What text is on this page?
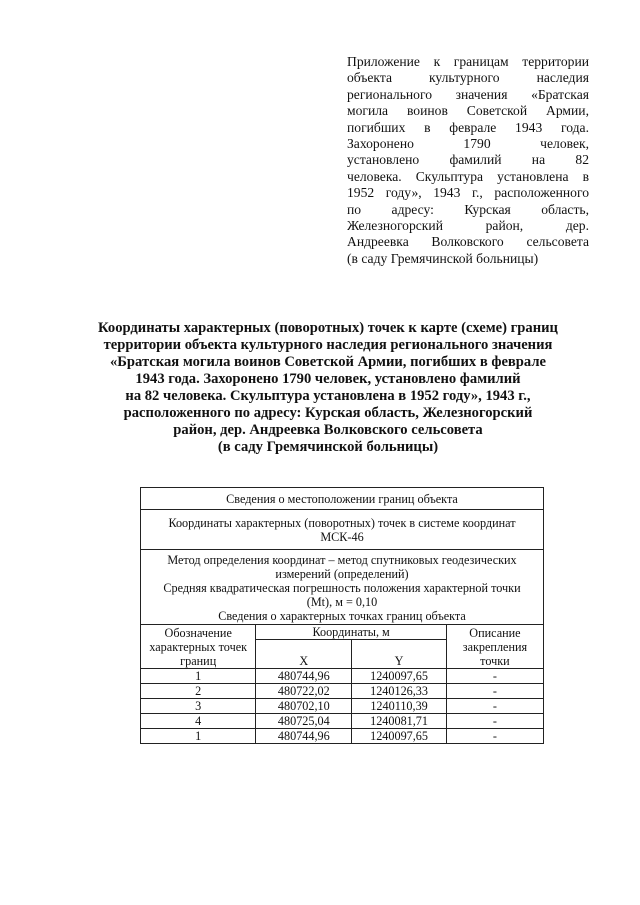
Приложение к границам территории
объекта культурного наследия
регионального значения «Братская
могила воинов Советской Армии,
погибших в феврале 1943 года.
Захоронено 1790 человек,
установлено фамилий на 82
человека. Скульптура установлена в
1952 году», 1943 г., расположенного
по адресу: Курская область,
Железногорский район, дер.
Андреевка Волковского сельсовета
(в саду Гремячинской больницы)
Координаты характерных (поворотных) точек к карте (схеме) границ
территории объекта культурного наследия регионального значения
«Братская могила воинов Советской Армии, погибших в феврале
1943 года. Захоронено 1790 человек, установлено фамилий
на 82 человека. Скульптура установлена в 1952 году», 1943 г.,
расположенного по адресу: Курская область, Железногорский
район, дер. Андреевка Волковского сельсовета
(в саду Гремячинской больницы)
Сведения о местоположении границ объекта			
Координаты характерных (поворотных) точек в системе координат
МСК-46			

Метод определения координат – метод спутниковых геодезических
измерений (определений)
Средняя квадратическая погрешность положения характерной точки
(Mt), м = 0,10
Сведения о характерных точках границ объекта			

Обозначение
характерных точек
границ	Координаты, м		Описание
закрепления
точки
	X	Y	
1	480744,96	1240097,65	-
2	480722,02	1240126,33	-
3	480702,10	1240110,39	-
4	480725,04	1240081,71	-
1	480744,96	1240097,65	-
